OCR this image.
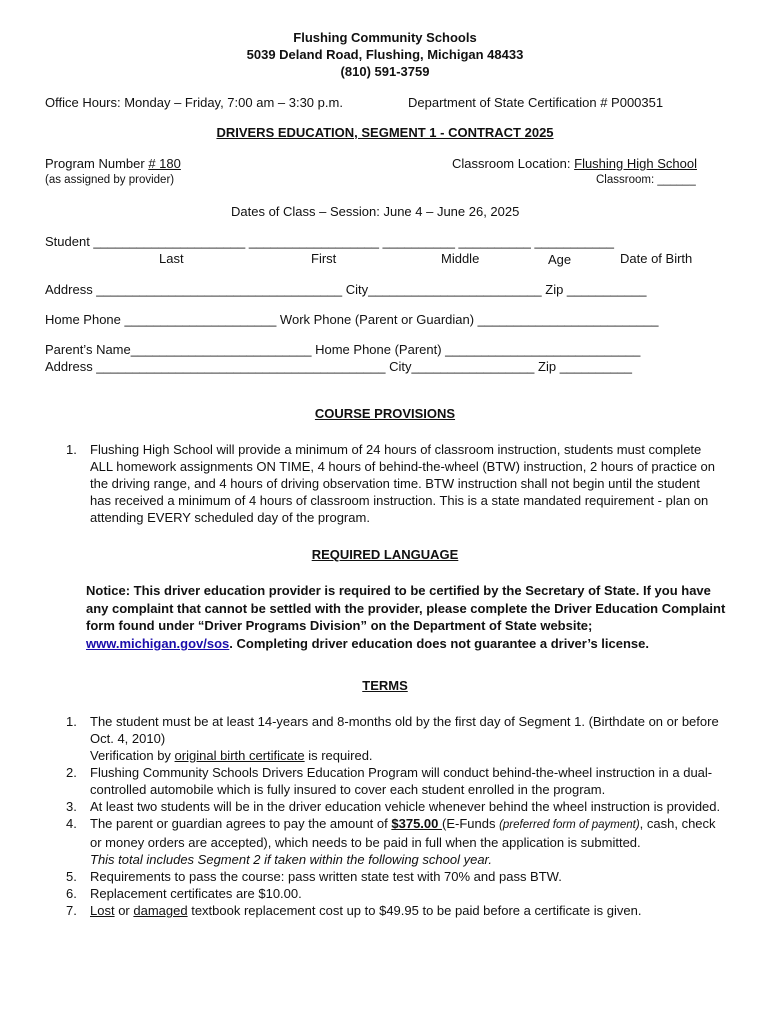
Flushing Community Schools
5039 Deland Road, Flushing, Michigan 48433
(810) 591-3759
Office Hours: Monday – Friday, 7:00 am – 3:30 p.m.	Department of State Certification # P000351
DRIVERS EDUCATION, SEGMENT 1 - CONTRACT 2025
Program Number # 180
(as assigned by provider)
Classroom Location: Flushing High School
Classroom: ______
Dates of Class – Session: June 4 – June 26, 2025
Student _____________________ __________________ __________ __________ ___________
Last	First	Middle	Age	Date of Birth
Address __________________________________ City________________________ Zip ___________
Home Phone _____________________ Work Phone (Parent or Guardian) _________________________
Parent’s Name_________________________ Home Phone (Parent) ___________________________
Address ________________________________________ City_________________ Zip __________
COURSE PROVISIONS
1. Flushing High School will provide a minimum of 24 hours of classroom instruction, students must complete ALL homework assignments ON TIME, 4 hours of behind-the-wheel (BTW) instruction, 2 hours of practice on the driving range, and 4 hours of driving observation time. BTW instruction shall not begin until the student has received a minimum of 4 hours of classroom instruction. This is a state mandated requirement - plan on attending EVERY scheduled day of the program.
REQUIRED LANGUAGE
Notice: This driver education provider is required to be certified by the Secretary of State. If you have any complaint that cannot be settled with the provider, please complete the Driver Education Complaint form found under “Driver Programs Division” on the Department of State website; www.michigan.gov/sos. Completing driver education does not guarantee a driver’s license.
TERMS
1. The student must be at least 14-years and 8-months old by the first day of Segment 1. (Birthdate on or before Oct. 4, 2010)
Verification by original birth certificate is required.
2. Flushing Community Schools Drivers Education Program will conduct behind-the-wheel instruction in a dual-controlled automobile which is fully insured to cover each student enrolled in the program.
3. At least two students will be in the driver education vehicle whenever behind the wheel instruction is provided.
4. The parent or guardian agrees to pay the amount of $375.00 (E-Funds (preferred form of payment), cash, check or money orders are accepted), which needs to be paid in full when the application is submitted.
This total includes Segment 2 if taken within the following school year.
5. Requirements to pass the course: pass written state test with 70% and pass BTW.
6. Replacement certificates are $10.00.
7. Lost or damaged textbook replacement cost up to $49.95 to be paid before a certificate is given.
